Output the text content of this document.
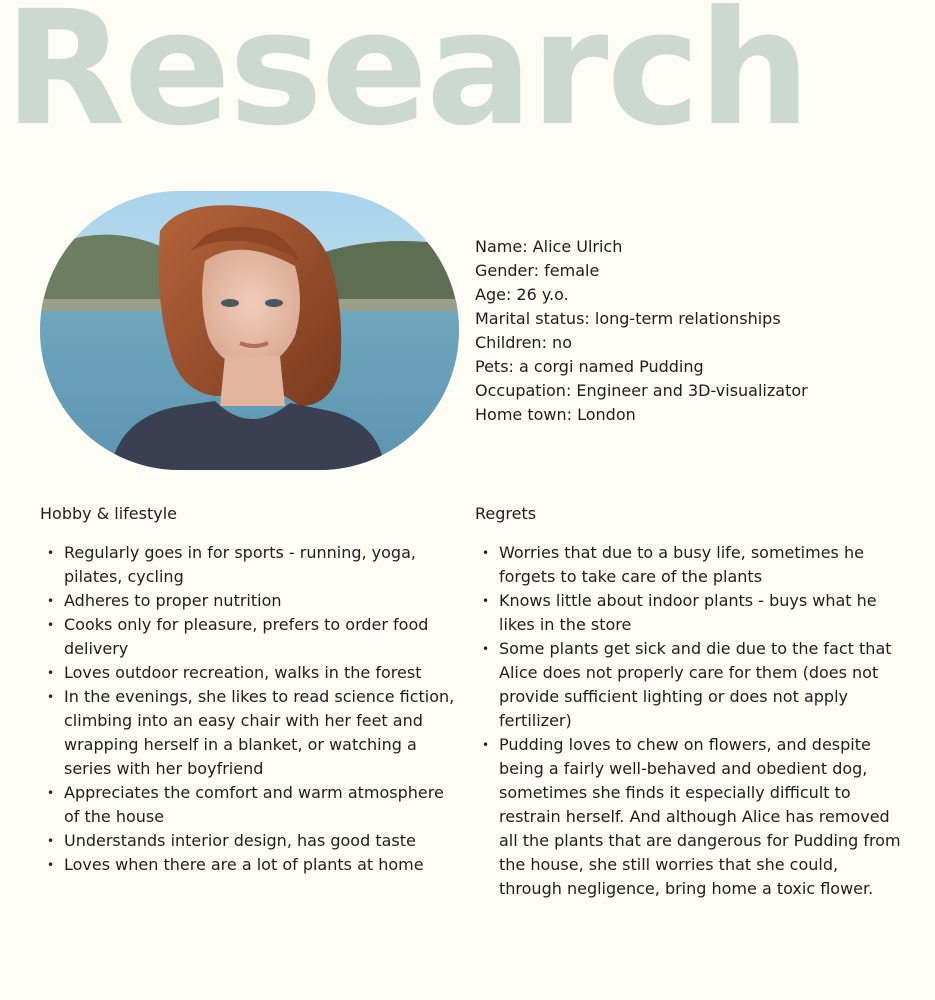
Research
Name: Alice Ulrich
Gender: female
Age: 26 y.o.
Marital status: long-term relationships
Children: no
Pets: a corgi named Pudding
Occupation: Engineer and 3D-visualizator
Home town: London
Hobby & lifestyle
• Regularly goes in for sports - running, yoga, pilates, cycling
• Adheres to proper nutrition
• Cooks only for pleasure, prefers to order food delivery
• Loves outdoor recreation, walks in the forest
• In the evenings, she likes to read science fiction, climbing into an easy chair with her feet and wrapping herself in a blanket, or watching a series with her boyfriend
• Appreciates the comfort and warm atmosphere of the house
• Understands interior design, has good taste
• Loves when there are a lot of plants at home
Regrets
• Worries that due to a busy life, sometimes he forgets to take care of the plants
• Knows little about indoor plants - buys what he likes in the store
• Some plants get sick and die due to the fact that Alice does not properly care for them (does not provide sufficient lighting or does not apply fertilizer)
• Pudding loves to chew on flowers, and despite being a fairly well-behaved and obedient dog, sometimes she finds it especially difficult to restrain herself. And although Alice has removed all the plants that are dangerous for Pudding from the house, she still worries that she could, through negligence, bring home a toxic flower.
